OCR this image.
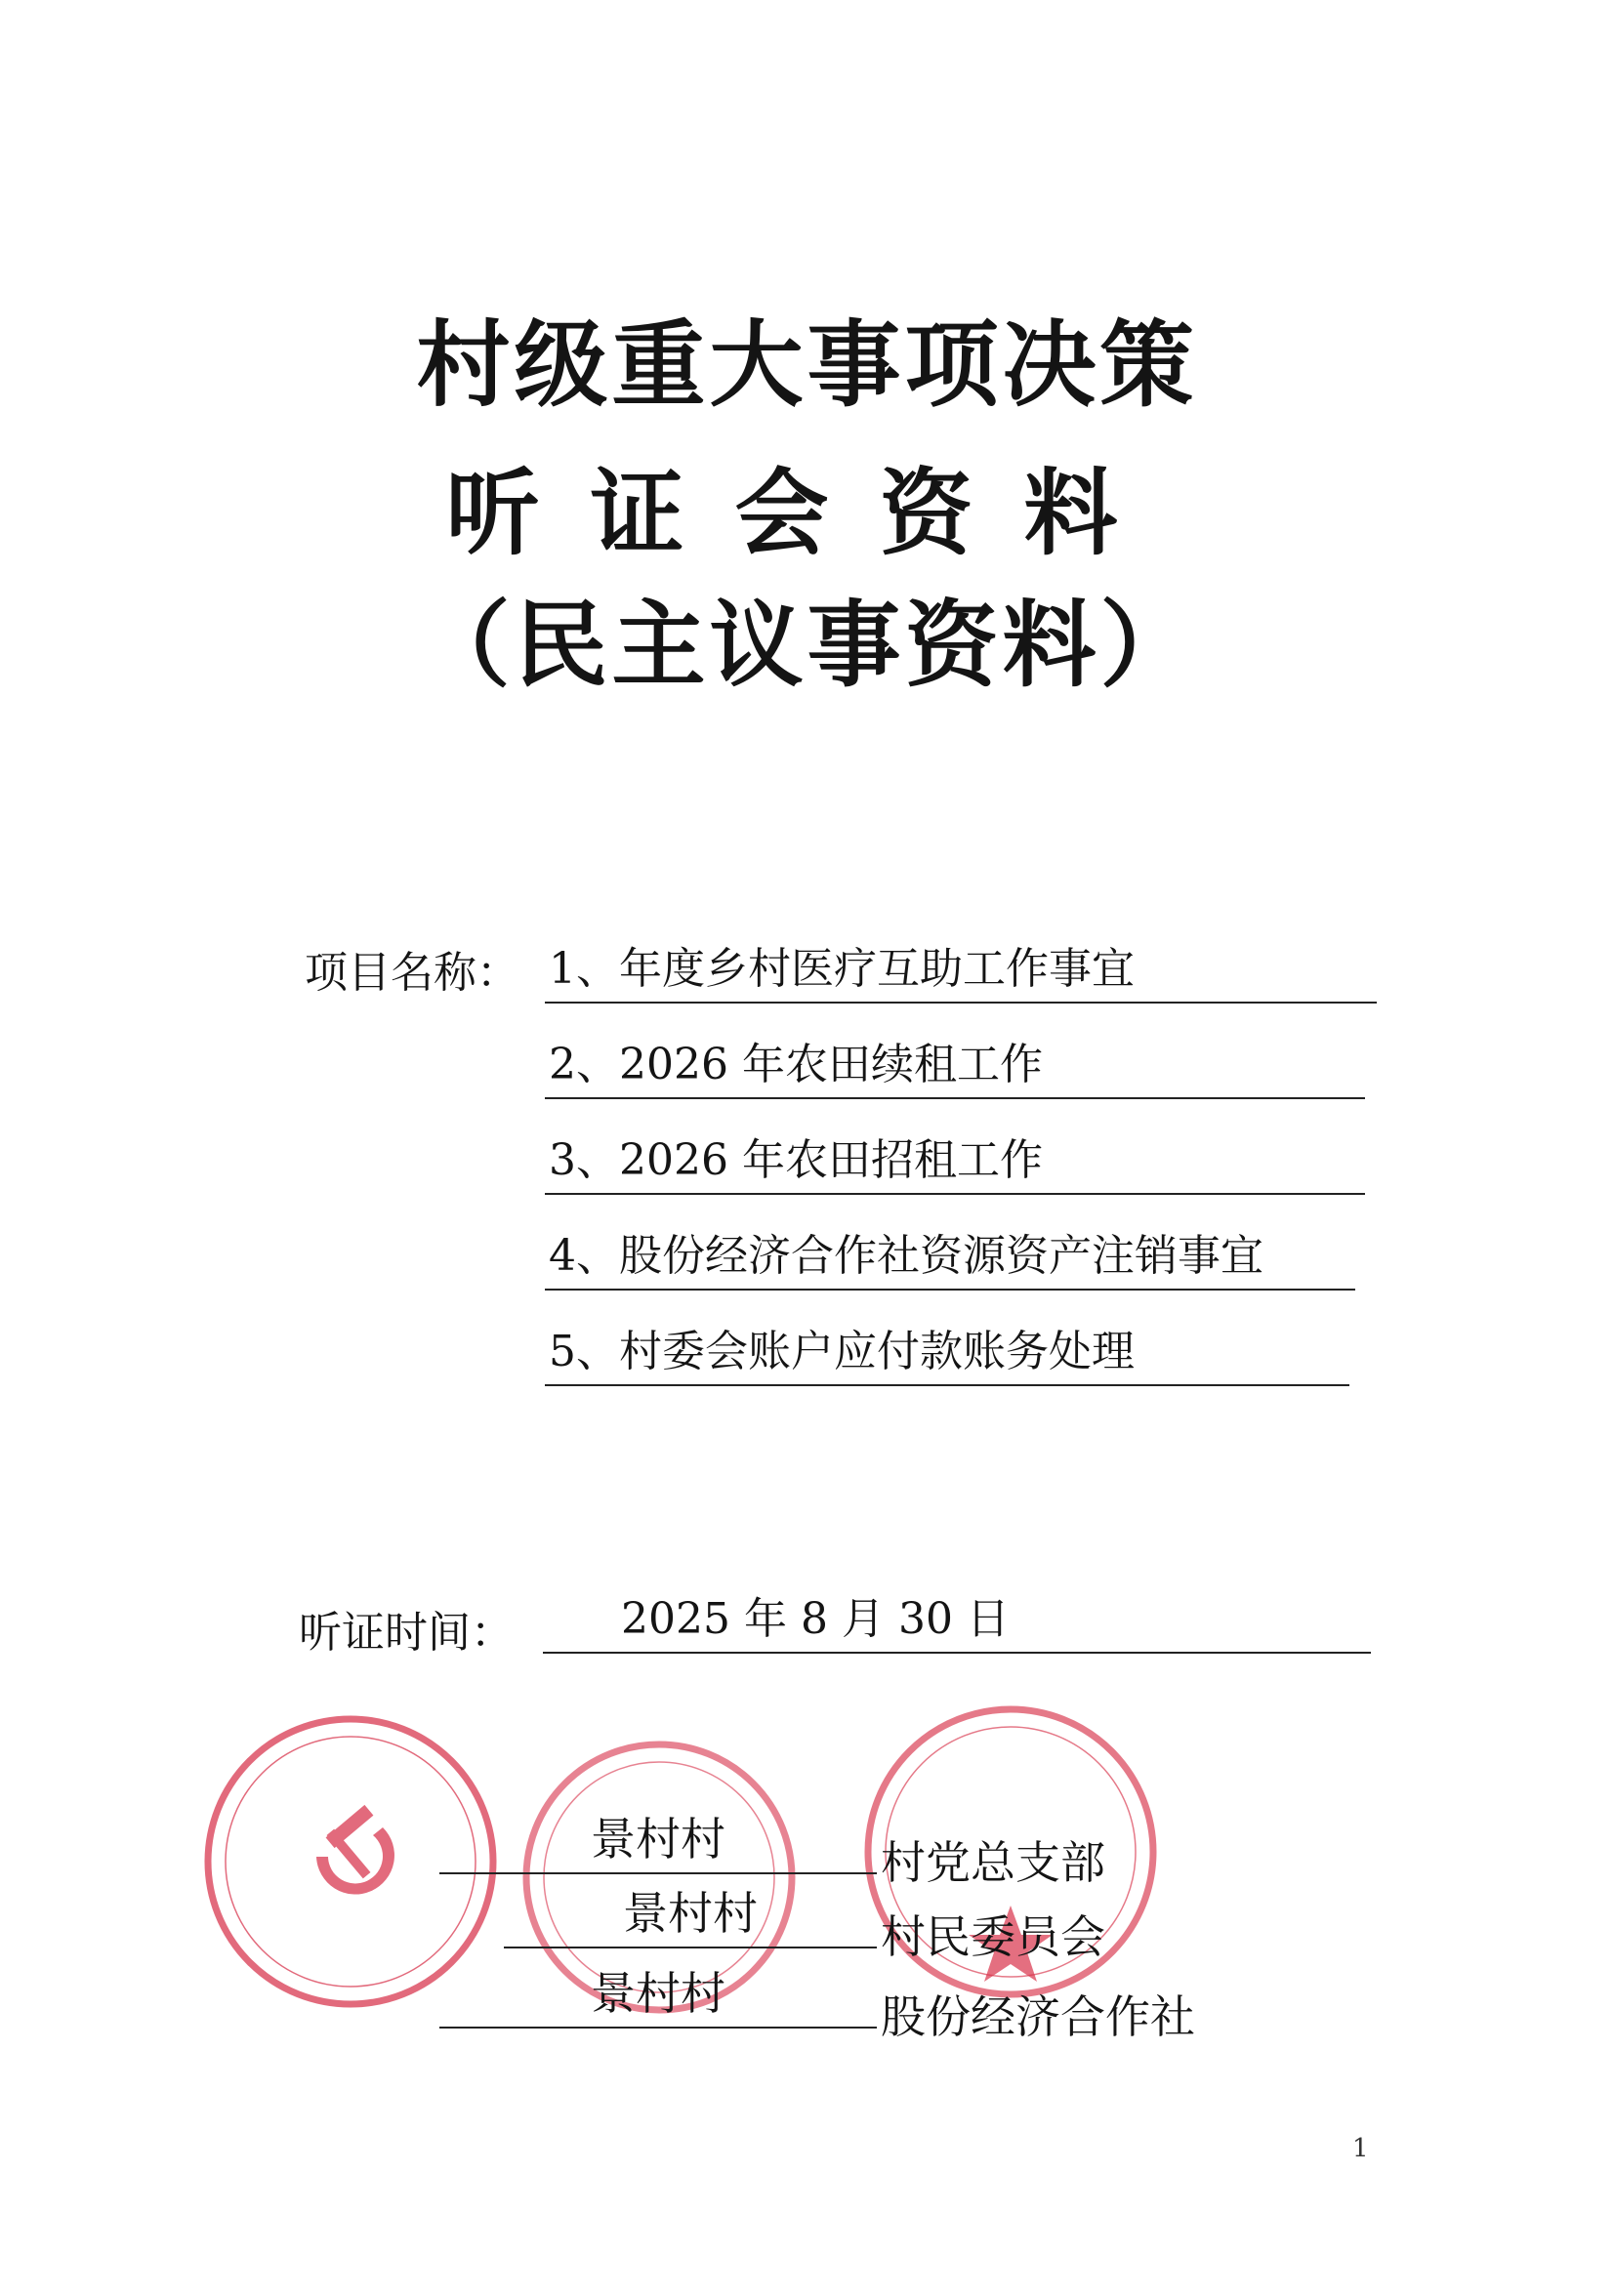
村级重大事项决策
听证会资料
（民主议事资料）
项目名称： 1、年度乡村医疗互助工作事宜
2、2026 年农田续租工作
3、2026 年农田招租工作
4、股份经济合作社资源资产注销事宜
5、村委会账户应付款账务处理
听证时间：	2025 年 8 月 30 日
景村村	村党总支部
景村村	村民委员会
景村村	股份经济合作社
1
